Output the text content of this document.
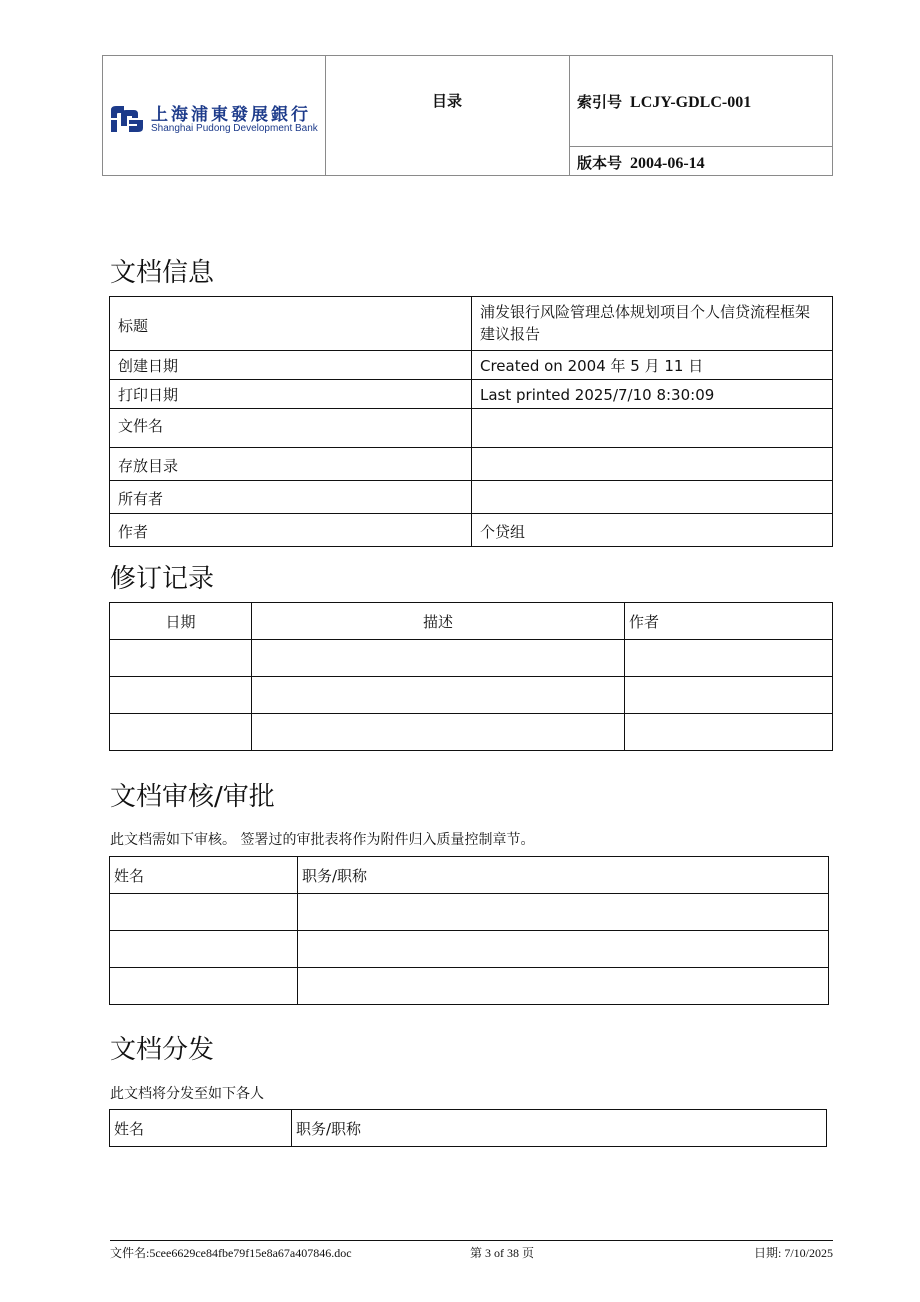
上海浦東發展銀行
Shanghai Pudong Development Bank
目录	索引号 LCJY-GDLC-001
版本号 2004-06-14
文档信息
标题	浦发银行风险管理总体规划项目个人信贷流程框架建议报告
创建日期	Created on 2004 年 5 月 11 日
打印日期	Last printed 2025/7/10 8:30:09
文件名	
存放目录	
所有者	
作者	个贷组
修订记录
日期	描述	作者

文档审核/审批
此文档需如下审核。 签署过的审批表将作为附件归入质量控制章节。
姓名	职务/职称

文档分发
此文档将分发至如下各人
姓名	职务/职称
文件名:5cee6629ce84fbe79f15e8a67a407846.doc	第 3 of 38 页	日期: 7/10/2025
